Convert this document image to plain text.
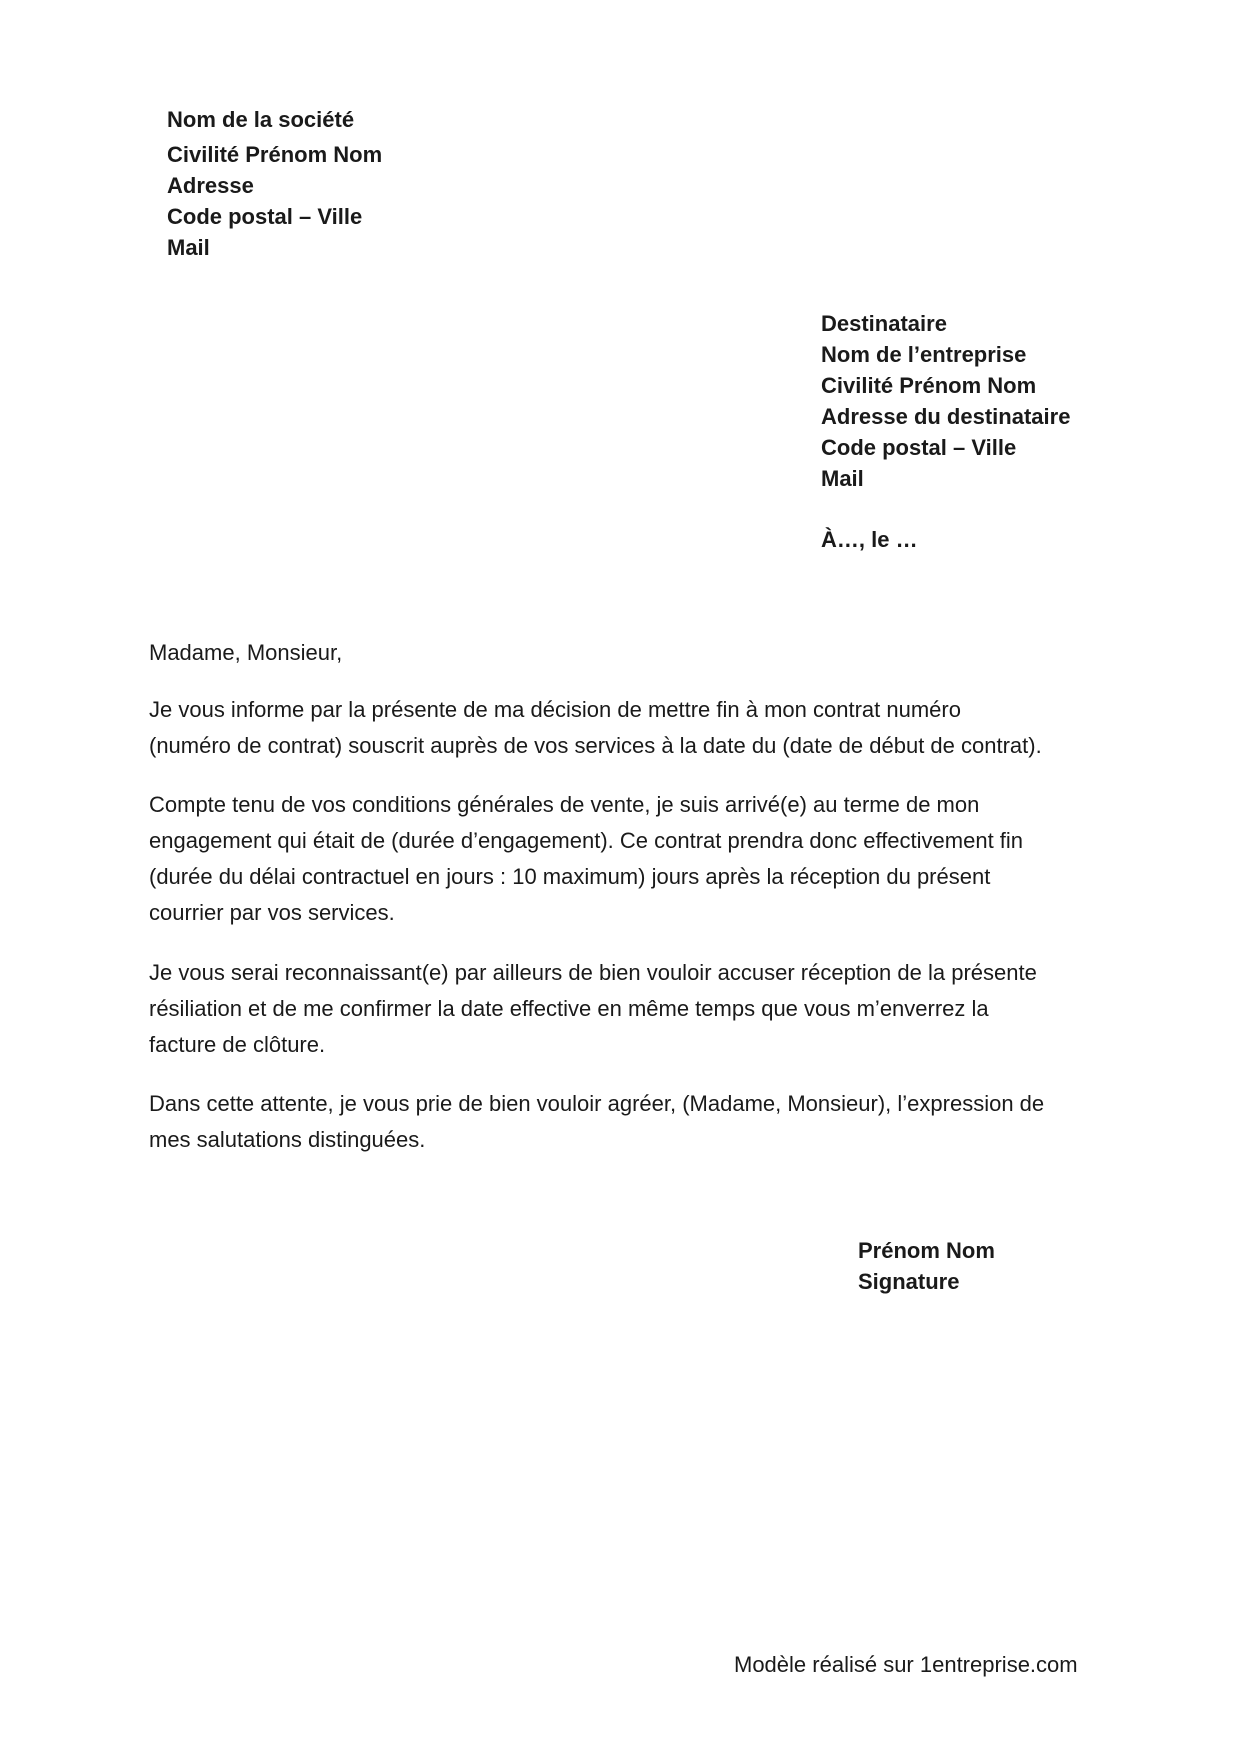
Nom de la société
Civilité Prénom Nom
Adresse
Code postal – Ville
Mail
Destinataire
Nom de l’entreprise
Civilité Prénom Nom
Adresse du destinataire
Code postal – Ville
Mail
À…, le …
Madame, Monsieur,

Je vous informe par la présente de ma décision de mettre fin à mon contrat numéro
(numéro de contrat) souscrit auprès de vos services à la date du (date de début de contrat).

Compte tenu de vos conditions générales de vente, je suis arrivé(e) au terme de mon
engagement qui était de (durée d’engagement). Ce contrat prendra donc effectivement fin
(durée du délai contractuel en jours : 10 maximum) jours après la réception du présent
courrier par vos services.

Je vous serai reconnaissant(e) par ailleurs de bien vouloir accuser réception de la présente
résiliation et de me confirmer la date effective en même temps que vous m’enverrez la
facture de clôture.

Dans cette attente, je vous prie de bien vouloir agréer, (Madame, Monsieur), l’expression de
mes salutations distinguées.

Prénom Nom
Signature
Modèle réalisé sur 1entreprise.com
